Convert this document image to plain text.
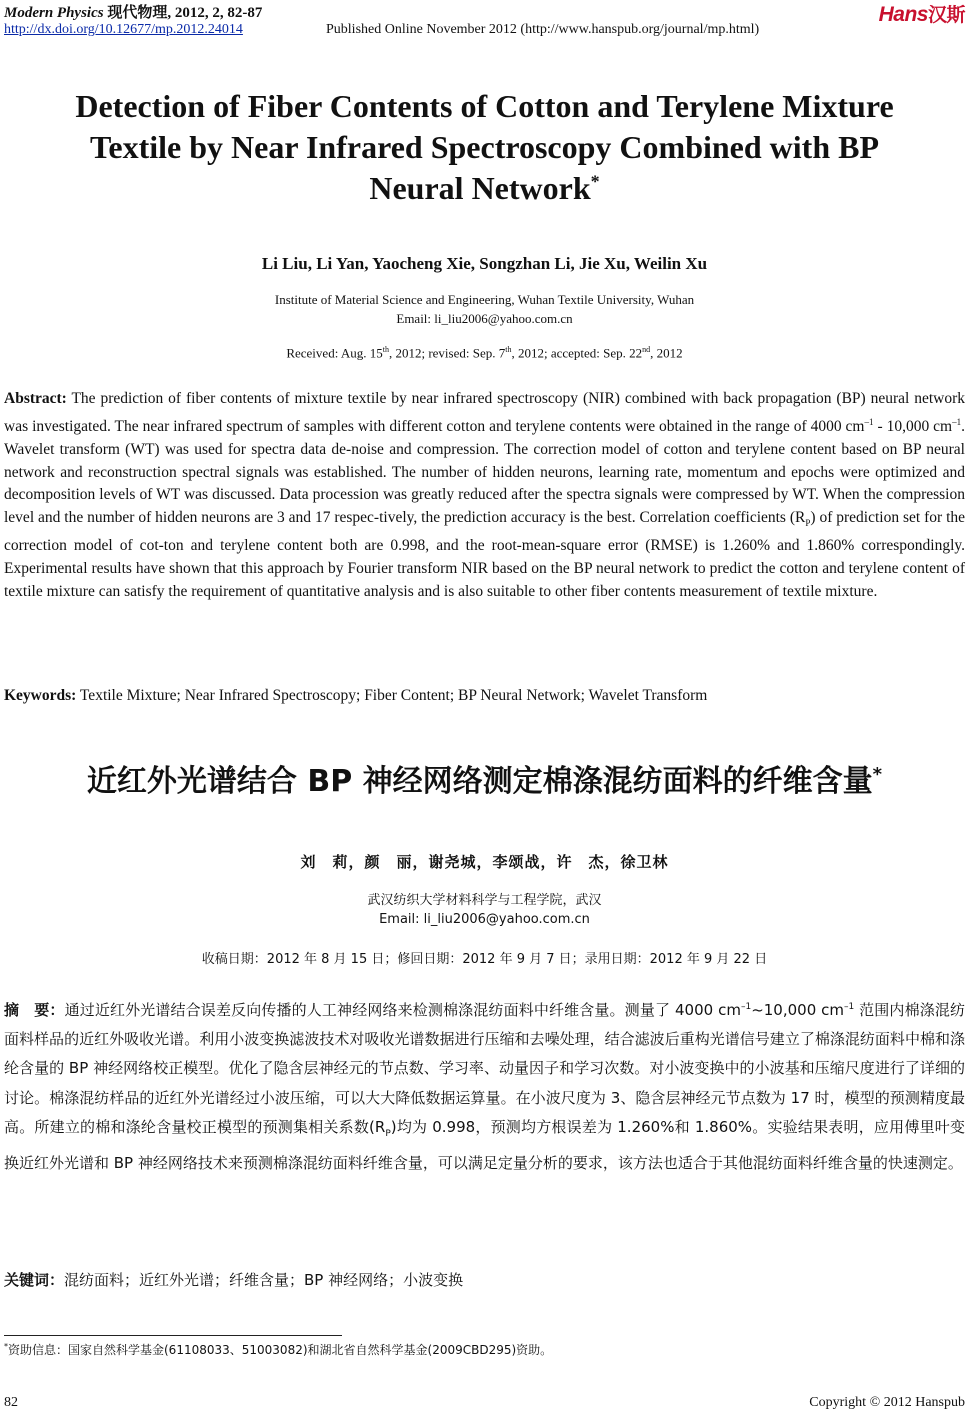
Modern Physics 现代物理, 2012, 2, 82-87
http://dx.doi.org/10.12677/mp.2012.24014	Published Online November 2012 (http://www.hanspub.org/journal/mp.html)
Hans汉斯
Detection of Fiber Contents of Cotton and Terylene Mixture
Textile by Near Infrared Spectroscopy Combined with BP
Neural Network*
Li Liu, Li Yan, Yaocheng Xie, Songzhan Li, Jie Xu, Weilin Xu
Institute of Material Science and Engineering, Wuhan Textile University, Wuhan
Email: li_liu2006@yahoo.com.cn
Received: Aug. 15th, 2012; revised: Sep. 7th, 2012; accepted: Sep. 22nd, 2012
Abstract: The prediction of fiber contents of mixture textile by near infrared spectroscopy (NIR) combined with back propagation (BP) neural network was investigated. The near infrared spectrum of samples with different cotton and terylene contents were obtained in the range of 4000 $cm^{-1} - 10,000$ $cm^{-1}$. Wavelet transform (WT) was used for spectra data de-noise and compression. The correction model of cotton and terylene content based on BP neural network and reconstruction spectral signals was established. The number of hidden neurons, learning rate, momentum and epochs were optimized and decomposition levels of WT was discussed. Data procession was greatly reduced after the spectra signals were compressed by WT. When the compression level and the number of hidden neurons are 3 and 17 respec-tively, the prediction accuracy is the best. Correlation coefficients $(R_P)$ of prediction set for the correction model of cot-ton and terylene content both are 0.998, and the root-mean-square error (RMSE) is 1.260% and 1.860% correspondingly. Experimental results have shown that this approach by Fourier transform NIR based on the BP neural network to predict the cotton and terylene content of textile mixture can satisfy the requirement of quantitative analysis and is also suitable to other fiber contents measurement of textile mixture.
Keywords: Textile Mixture; Near Infrared Spectroscopy; Fiber Content; BP Neural Network; Wavelet Transform
近红外光谱结合 BP 神经网络测定棉涤混纺面料的纤维含量*
刘　莉，颜　丽，谢尧城，李颂战，许　杰，徐卫林
武汉纺织大学材料科学与工程学院，武汉
Email: li_liu2006@yahoo.com.cn
收稿日期：2012 年 8 月 15 日；修回日期：2012 年 9 月 7 日；录用日期：2012 年 9 月 22 日
摘　要：通过近红外光谱结合误差反向传播的人工神经网络来检测棉涤混纺面料中纤维含量。测量了 4000 $cm^{-1}\sim 10,000$ $cm^{-1}$ 范围内棉涤混纺面料样品的近红外吸收光谱。利用小波变换滤波技术对吸收光谱数据进行压缩和去噪处理，结合滤波后重构光谱信号建立了棉涤混纺面料中棉和涤纶含量的 BP 神经网络校正模型。优化了隐含层神经元的节点数、学习率、动量因子和学习次数。对小波变换中的小波基和压缩尺度进行了详细的讨论。棉涤混纺样品的近红外光谱经过小波压缩，可以大大降低数据运算量。在小波尺度为 3、隐含层神经元节点数为 17 时，模型的预测精度最高。所建立的棉和涤纶含量校正模型的预测集相关系数$(R_P)$均为 0.998，预测均方根误差为 1.260%和 1.860%。实验结果表明，应用傅里叶变换近红外光谱和 BP 神经网络技术来预测棉涤混纺面料纤维含量，可以满足定量分析的要求，该方法也适合于其他混纺面料纤维含量的快速测定。
关键词：混纺面料；近红外光谱；纤维含量；BP 神经网络；小波变换
*资助信息：国家自然科学基金(61108033、51003082)和湖北省自然科学基金(2009CBD295)资助。
82	Copyright © 2012 Hanspub
